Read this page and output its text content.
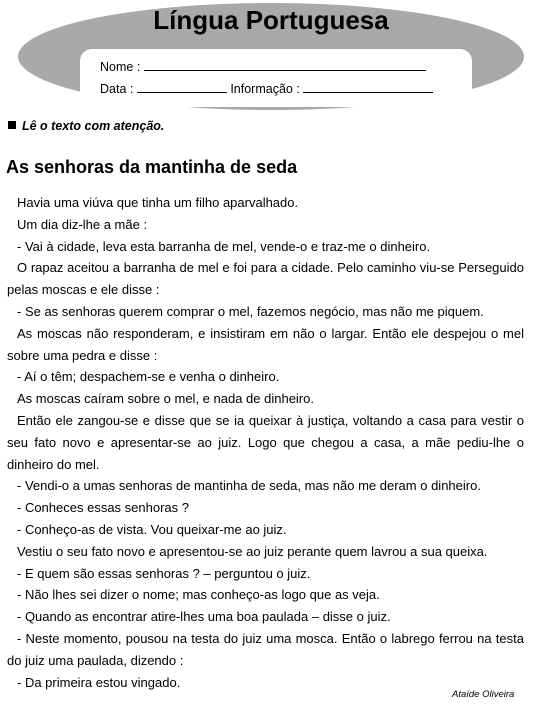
Língua Portuguesa
Nome :
Data :	Informação :
Lê o texto com atenção.
As senhoras da mantinha de seda

Havia uma viúva que tinha um filho aparvalhado.

Um dia diz-lhe a mãe :

- Vai à cidade, leva esta barranha de mel, vende-o e traz-me o dinheiro.

O rapaz aceitou a barranha de mel e foi para a cidade. Pelo caminho viu-se Perseguido pelas moscas e ele disse :

- Se as senhoras querem comprar o mel, fazemos negócio, mas não me piquem.

As moscas não responderam, e insistiram em não o largar. Então ele despejou o mel sobre uma pedra e disse :

- Aí o têm; despachem-se e venha o dinheiro.

As moscas caíram sobre o mel, e nada de dinheiro.

Então ele zangou-se e disse que se ia queixar à justiça, voltando a casa para vestir o seu fato novo e apresentar-se ao juiz. Logo que chegou a casa, a mãe pediu-lhe o dinheiro do mel.

- Vendi-o a umas senhoras de mantinha de seda, mas não me deram o dinheiro.

- Conheces essas senhoras ?

- Conheço-as de vista. Vou queixar-me ao juiz.

Vestiu o seu fato novo e apresentou-se ao juiz perante quem lavrou a sua queixa.

- E quem são essas senhoras ? – perguntou o juiz.

- Não lhes sei dizer o nome; mas conheço-as logo que as veja.

- Quando as encontrar atire-lhes uma boa paulada – disse o juiz.

- Neste momento, pousou na testa do juiz uma mosca. Então o labrego ferrou na testa do juiz uma paulada, dizendo :

- Da primeira estou vingado.

Ataíde Oliveira
